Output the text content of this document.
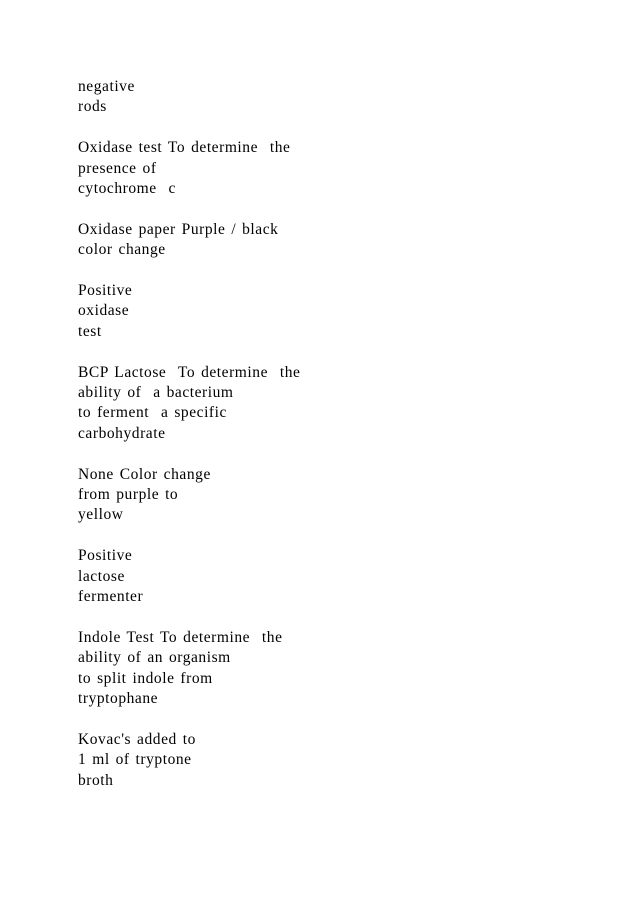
negative
rods

Oxidase test To determine  the
presence of
cytochrome  c

Oxidase paper Purple / black
color change

Positive
oxidase
test

BCP Lactose  To determine  the
ability of  a bacterium
to ferment  a specific
carbohydrate

None Color change
from purple to
yellow

Positive
lactose
fermenter

Indole Test To determine  the
ability of an organism
to split indole from
tryptophane

Kovac's added to
1 ml of tryptone
broth
